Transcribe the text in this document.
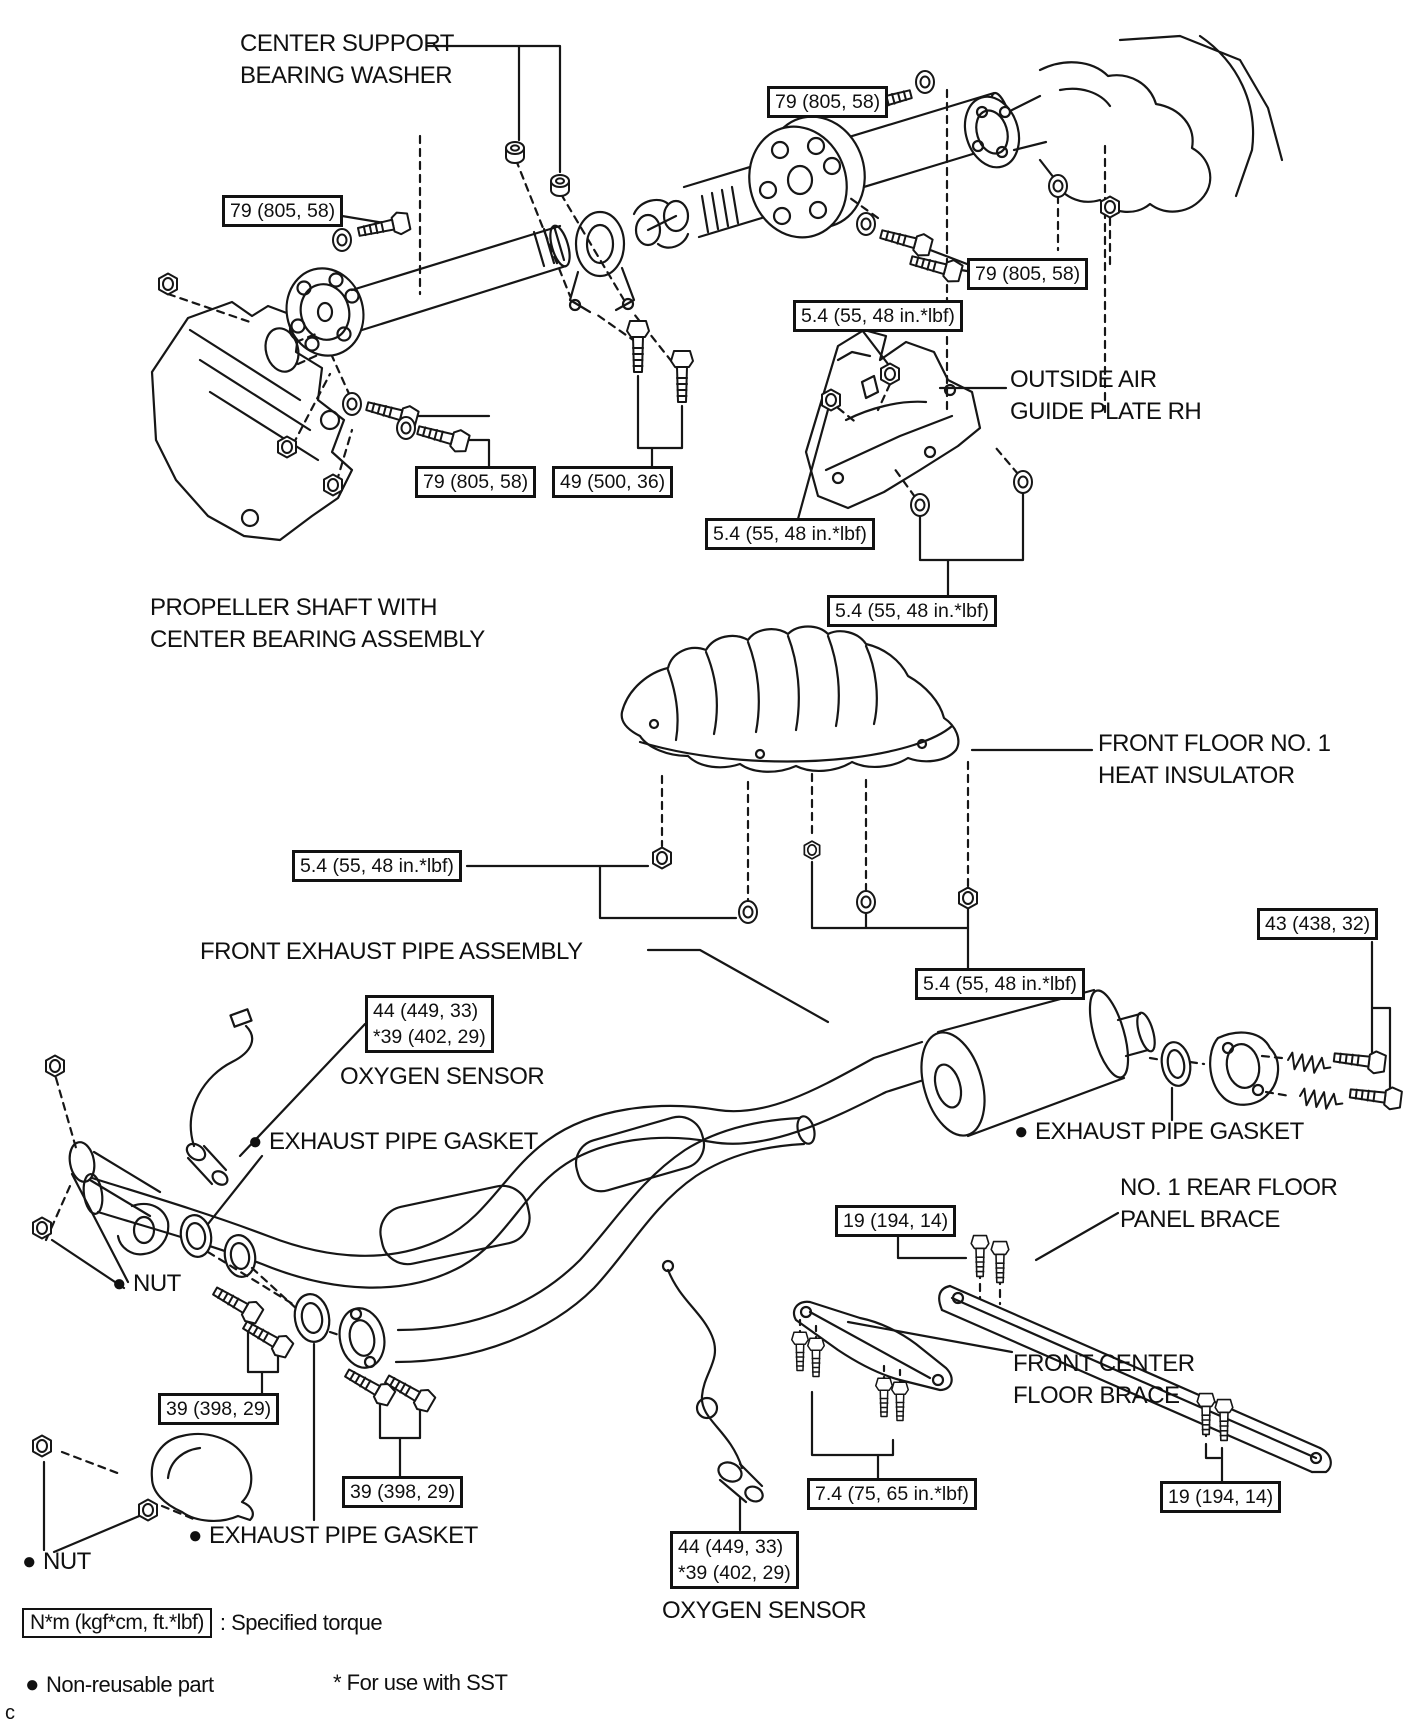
CENTER SUPPORT
BEARING WASHER
OUTSIDE AIR
GUIDE PLATE RH
PROPELLER SHAFT WITH
CENTER BEARING ASSEMBLY
FRONT FLOOR NO. 1
HEAT INSULATOR
FRONT EXHAUST PIPE ASSEMBLY
OXYGEN SENSOR
● EXHAUST PIPE GASKET	● EXHAUST PIPE GASKET
● NUT
NO. 1 REAR FLOOR
PANEL BRACE
FRONT CENTER
FLOOR BRACE
● EXHAUST PIPE GASKET
● NUT
OXYGEN SENSOR
79 (805, 58)
79 (805, 58)
79 (805, 58)
79 (805, 58)	49 (500, 36)
5.4 (55, 48 in.*lbf)
5.4 (55, 48 in.*lbf)
5.4 (55, 48 in.*lbf)
5.4 (55, 48 in.*lbf)
5.4 (55, 48 in.*lbf)
43 (438, 32)
44 (449, 33)
*39 (402, 29)
39 (398, 29)
39 (398, 29)
19 (194, 14)
19 (194, 14)
7.4 (75, 65 in.*lbf)
44 (449, 33)
*39 (402, 29)
N*m (kgf*cm, ft.*lbf) : Specified torque
● Non-reusable part	* For use with SST
c
